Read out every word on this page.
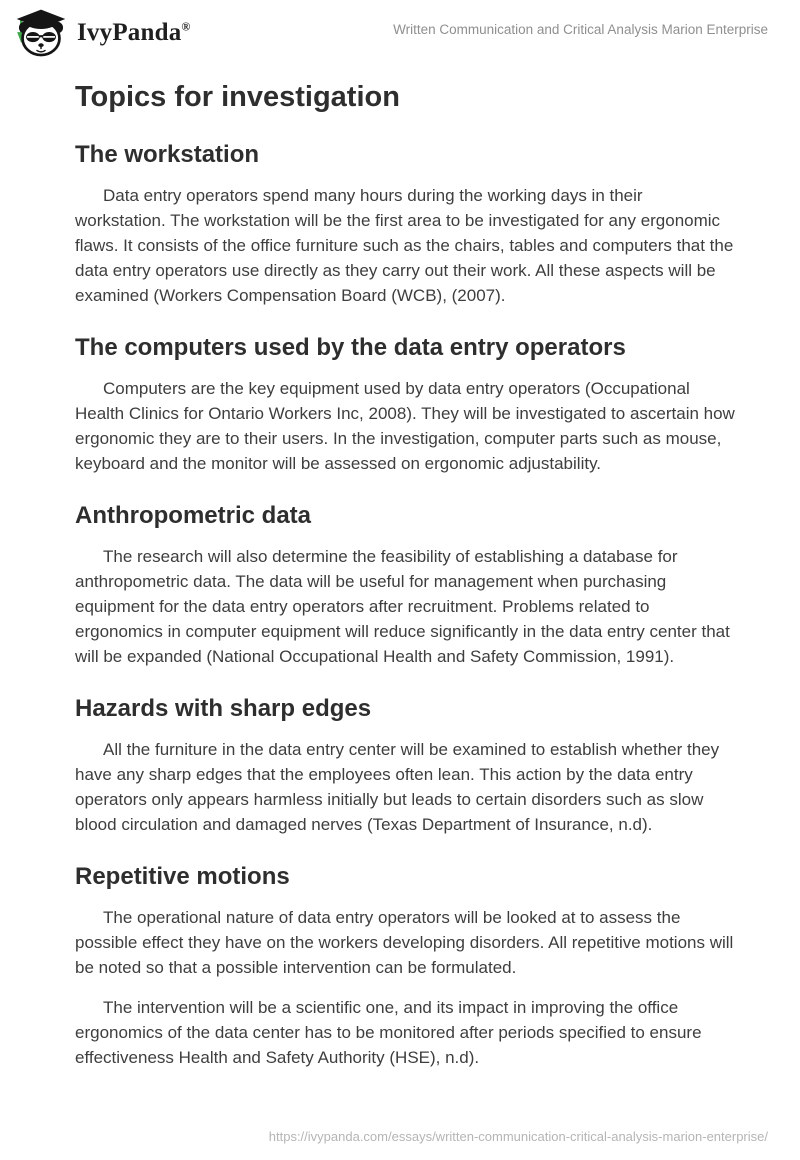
IvyPanda®	Written Communication and Critical Analysis Marion Enterprise
Topics for investigation
The workstation

Data entry operators spend many hours during the working days in their workstation. The workstation will be the first area to be investigated for any ergonomic flaws. It consists of the office furniture such as the chairs, tables and computers that the data entry operators use directly as they carry out their work. All these aspects will be examined (Workers Compensation Board (WCB), (2007).

The computers used by the data entry operators

Computers are the key equipment used by data entry operators (Occupational Health Clinics for Ontario Workers Inc, 2008). They will be investigated to ascertain how ergonomic they are to their users. In the investigation, computer parts such as mouse, keyboard and the monitor will be assessed on ergonomic adjustability.

Anthropometric data

The research will also determine the feasibility of establishing a database for anthropometric data. The data will be useful for management when purchasing equipment for the data entry operators after recruitment. Problems related to ergonomics in computer equipment will reduce significantly in the data entry center that will be expanded (National Occupational Health and Safety Commission, 1991).

Hazards with sharp edges

All the furniture in the data entry center will be examined to establish whether they have any sharp edges that the employees often lean. This action by the data entry operators only appears harmless initially but leads to certain disorders such as slow blood circulation and damaged nerves (Texas Department of Insurance, n.d).

Repetitive motions

The operational nature of data entry operators will be looked at to assess the possible effect they have on the workers developing disorders. All repetitive motions will be noted so that a possible intervention can be formulated.

The intervention will be a scientific one, and its impact in improving the office ergonomics of the data center has to be monitored after periods specified to ensure effectiveness Health and Safety Authority (HSE), n.d).

https://ivypanda.com/essays/written-communication-critical-analysis-marion-enterprise/
